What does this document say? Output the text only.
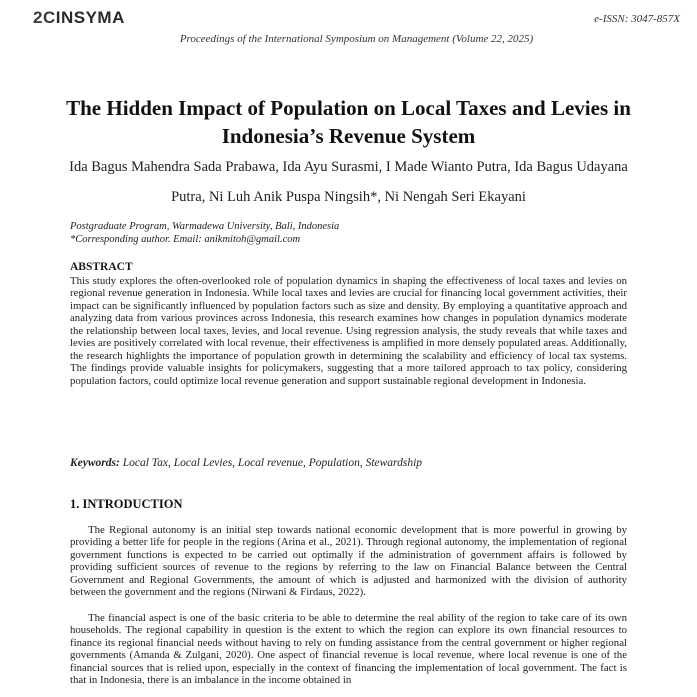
2CINSYMA	e-ISSN: 3047-857X
Proceedings of the International Symposium on Management (Volume 22, 2025)
The Hidden Impact of Population on Local Taxes and Levies in Indonesia’s Revenue System
Ida Bagus Mahendra Sada Prabawa, Ida Ayu Surasmi, I Made Wianto Putra, Ida Bagus Udayana Putra, Ni Luh Anik Puspa Ningsih*, Ni Nengah Seri Ekayani
Postgraduate Program, Warmadewa University, Bali, Indonesia
*Corresponding author. Email: anikmitoh@gmail.com
ABSTRACT
This study explores the often-overlooked role of population dynamics in shaping the effectiveness of local taxes and levies on regional revenue generation in Indonesia. While local taxes and levies are crucial for financing local government activities, their impact can be significantly influenced by population factors such as size and density. By employing a quantitative approach and analyzing data from various provinces across Indonesia, this research examines how changes in population dynamics moderate the relationship between local taxes, levies, and local revenue. Using regression analysis, the study reveals that while taxes and levies are positively correlated with local revenue, their effectiveness is amplified in more densely populated areas. Additionally, the research highlights the importance of population growth in determining the scalability and efficiency of local tax systems. The findings provide valuable insights for policymakers, suggesting that a more tailored approach to tax policy, considering population factors, could optimize local revenue generation and support sustainable regional development in Indonesia.
Keywords: Local Tax, Local Levies, Local revenue, Population, Stewardship
1. INTRODUCTION
The Regional autonomy is an initial step towards national economic development that is more powerful in growing by providing a better life for people in the regions (Arina et al., 2021). Through regional autonomy, the implementation of regional government functions is expected to be carried out optimally if the administration of government affairs is followed by providing sufficient sources of revenue to the regions by referring to the law on Financial Balance between the Central Government and Regional Governments, the amount of which is adjusted and harmonized with the division of authority between the government and the regions (Nirwani & Firdaus, 2022).
The financial aspect is one of the basic criteria to be able to determine the real ability of the region to take care of its own households. The regional capability in question is the extent to which the region can explore its own financial resources to finance its regional financial needs without having to rely on funding assistance from the central government or higher regional governments (Amanda & Zulgani, 2020). One aspect of financial revenue is local revenue, where local revenue is one of the financial sources that is relied upon, especially in the context of financing the implementation of local government. The fact is that in Indonesia, there is an imbalance in the income obtained in
